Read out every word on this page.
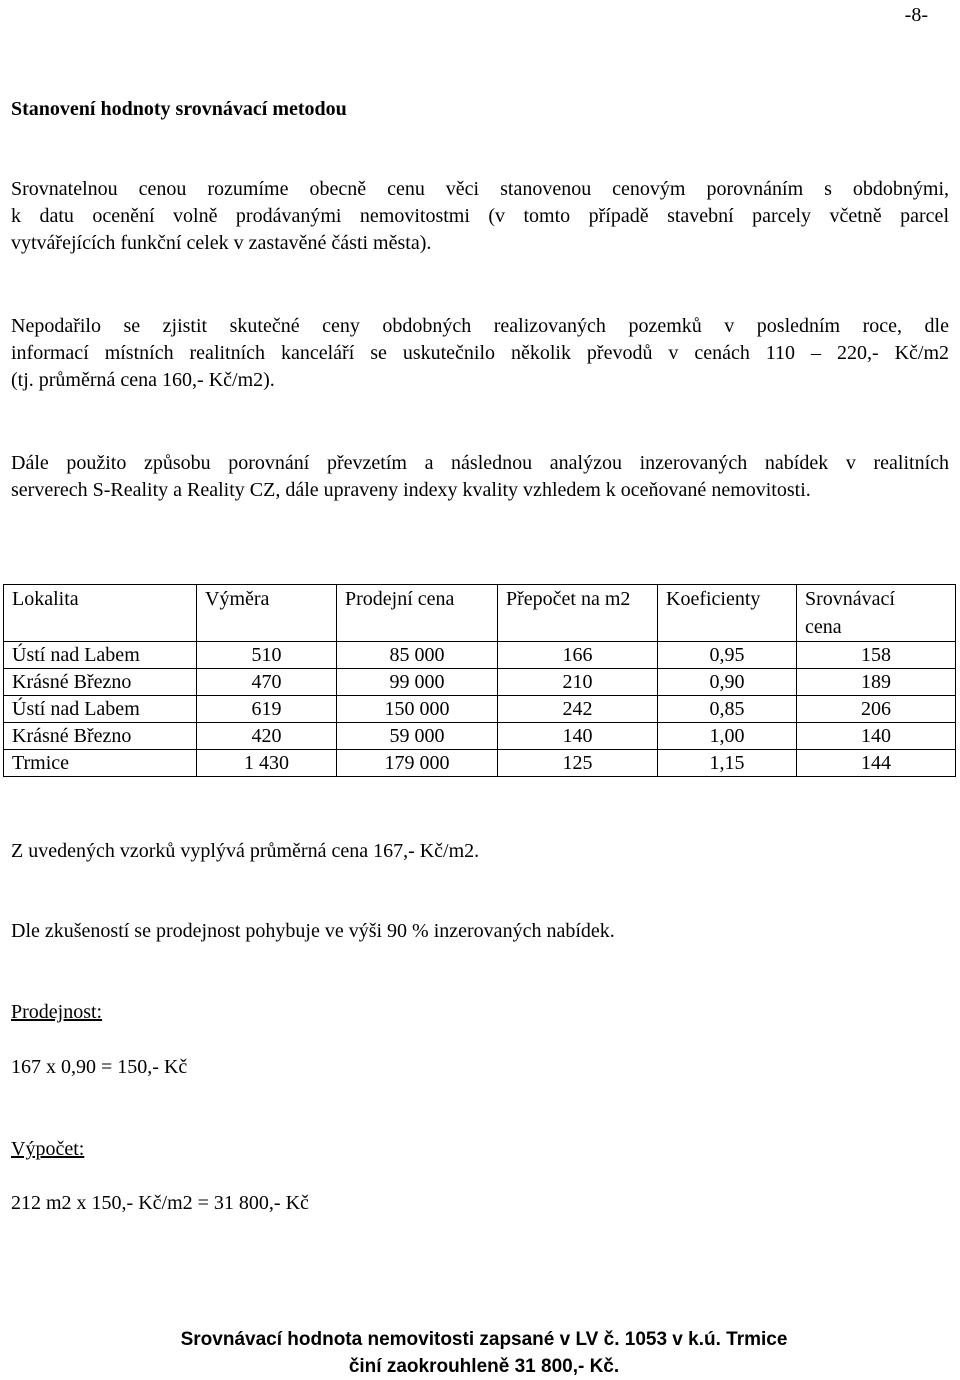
-8-
Stanovení hodnoty srovnávací metodou
Srovnatelnou cenou rozumíme obecně cenu věci stanovenou cenovým porovnáním s obdobnými,
k datu ocenění volně prodávanými nemovitostmi (v tomto případě stavební parcely včetně parcel
vytvářejících funkční celek v zastavěné části města).
Nepodařilo se zjistit skutečné ceny obdobných realizovaných pozemků v posledním roce, dle
informací místních realitních kanceláří se uskutečnilo několik převodů v cenách 110 – 220,- Kč/m2
(tj. průměrná cena 160,- Kč/m2).
Dále použito způsobu porovnání převzetím a následnou analýzou inzerovaných nabídek v realitních
serverech S-Reality a Reality CZ, dále upraveny indexy kvality vzhledem k oceňované nemovitosti.
Lokalita	Výměra	Prodejní cena	Přepočet na m2	Koeficienty	Srovnávací cena

Ústí nad Labem	510	85 000	166	0,95	158
Krásné Březno	470	99 000	210	0,90	189
Ústí nad Labem	619	150 000	242	0,85	206
Krásné Březno	420	59 000	140	1,00	140
Trmice	1 430	179 000	125	1,15	144
Z uvedených vzorků vyplývá průměrná cena 167,- Kč/m2.
Dle zkušeností se prodejnost pohybuje ve výši 90 % inzerovaných nabídek.
Prodejnost:
167 x 0,90 = 150,- Kč
Výpočet:
212 m2 x 150,- Kč/m2 = 31 800,- Kč
Srovnávací hodnota nemovitosti zapsané v LV č. 1053 v k.ú. Trmice
činí zaokrouhleně 31 800,- Kč.
